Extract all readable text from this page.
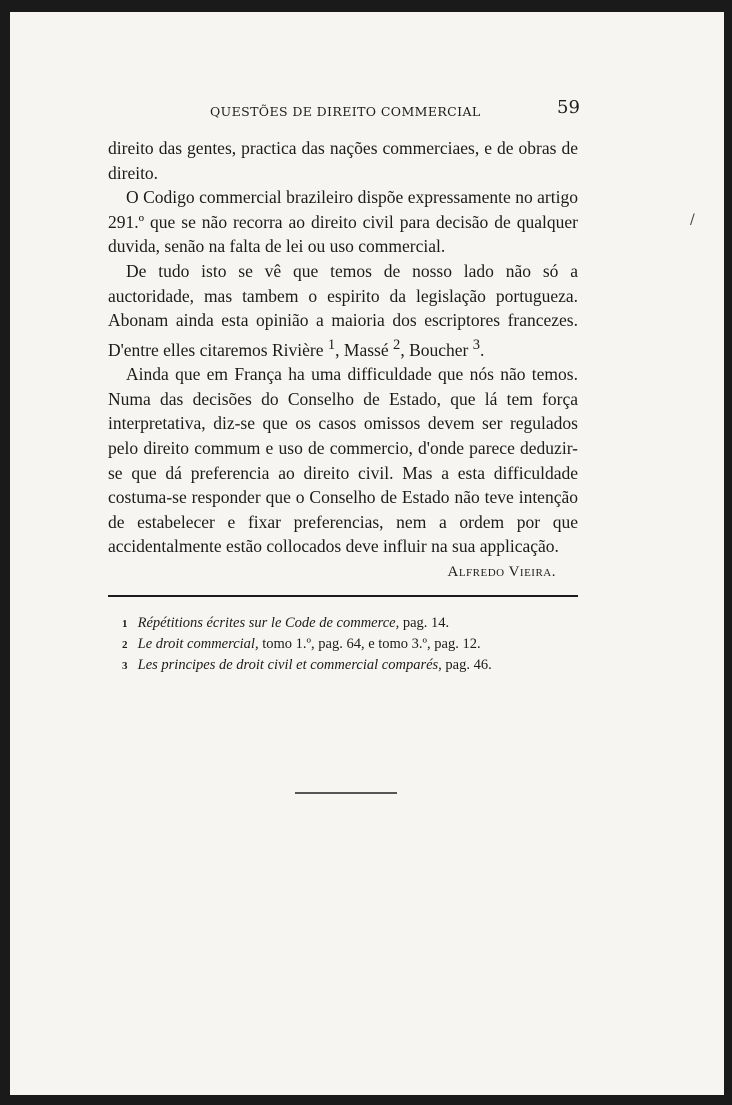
/
QUESTÕES DE DIREITO COMMERCIAL	59

direito das gentes, practica das nações commerciaes, e de obras de direito.

O Codigo commercial brazileiro dispõe expressamente no artigo 291.º que se não recorra ao direito civil para decisão de qualquer duvida, senão na falta de lei ou uso commercial.

De tudo isto se vê que temos de nosso lado não só a auctoridade, mas tambem o espirito da legislação portugueza. Abonam ainda esta opinião a maioria dos escriptores francezes. D'entre elles citaremos Rivière $^1$, Massé $^2$, Boucher $^3$.

Ainda que em França ha uma difficuldade que nós não temos. Numa das decisões do Conselho de Estado, que lá tem força interpretativa, diz-se que os casos omissos devem ser regulados pelo direito commum e uso de commercio, d'onde parece deduzir-se que dá preferencia ao direito civil. Mas a esta difficuldade costuma-se responder que o Conselho de Estado não teve intenção de estabelecer e fixar preferencias, nem a ordem por que accidentalmente estão collocados deve influir na sua applicação.

Alfredo Vieira.
1 Répétitions écrites sur le Code de commerce, pag. 14.
2 Le droit commercial, tomo 1.º, pag. 64, e tomo 3.º, pag. 12.
3 Les principes de droit civil et commercial comparés, pag. 46.
